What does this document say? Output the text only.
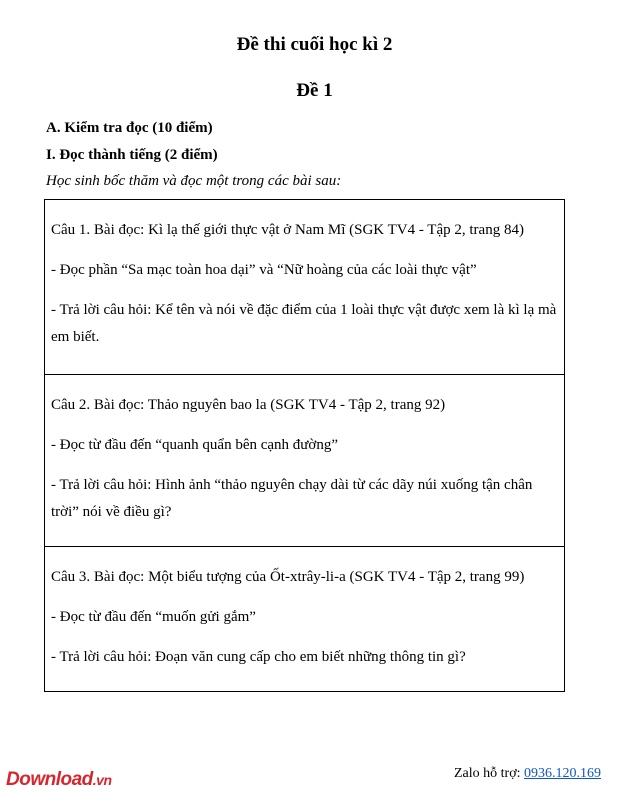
Đề thi cuối học kì 2
Đề 1

A. Kiểm tra đọc (10 điểm)

I. Đọc thành tiếng (2 điểm)

Học sinh bốc thăm và đọc một trong các bài sau:

Câu 1. Bài đọc: Kì lạ thế giới thực vật ở Nam Mĩ (SGK TV4 - Tập 2, trang 84)

- Đọc phần “Sa mạc toàn hoa dại” và “Nữ hoàng của các loài thực vật”

- Trả lời câu hỏi: Kể tên và nói về đặc điểm của 1 loài thực vật được xem là kì lạ mà em biết.

Câu 2. Bài đọc: Thảo nguyên bao la (SGK TV4 - Tập 2, trang 92)

- Đọc từ đầu đến “quanh quẩn bên cạnh đường”

- Trả lời câu hỏi: Hình ảnh “thảo nguyên chạy dài từ các dãy núi xuống tận chân trời” nói về điều gì?

Câu 3. Bài đọc: Một biểu tượng của Ốt-xtrây-li-a (SGK TV4 - Tập 2, trang 99)

- Đọc từ đầu đến “muốn gửi gắm”

- Trả lời câu hỏi: Đoạn văn cung cấp cho em biết những thông tin gì?

Download.vn	Zalo hỗ trợ: 0936.120.169
